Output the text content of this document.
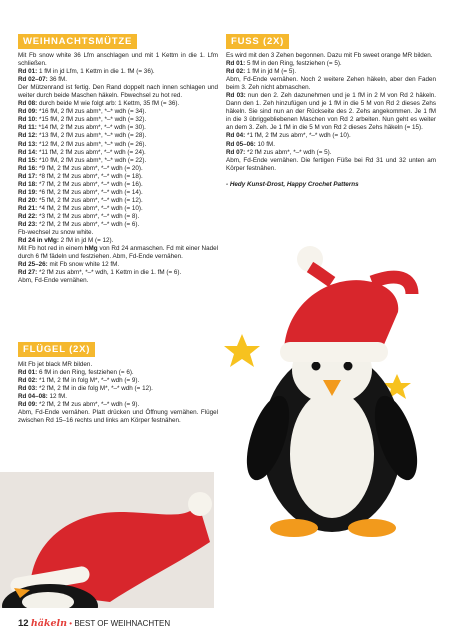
WEIHNACHTSMÜTZE

Mit Fb snow white 36 Lfm anschlagen und mit 1 Kettm in die 1. Lfm schließen.

Rd 01: 1 fM in jd Lfm, 1 Kettm in die 1. fM (= 36).

Rd 02–07: 36 fM.

Der Mützenrand ist fertig. Den Rand doppelt nach innen schlagen und weiter durch beide Maschen häkeln. Fbwechsel zu hot red.

Rd 08: durch beide M wie folgt arb: 1 Kettm, 35 fM (= 36).

Rd 09: *16 fM, 2 fM zus abm*, *–* wdh (= 34).

Rd 10: *15 fM, 2 fM zus abm*, *–* wdh (= 32).

Rd 11: *14 fM, 2 fM zus abm*, *–* wdh (= 30).

Rd 12: *13 fM, 2 fM zus abm*, *–* wdh (= 28).

Rd 13: *12 fM, 2 fM zus abm*, *–* wdh (= 26).

Rd 14: *11 fM, 2 fM zus abm*, *–* wdh (= 24).

Rd 15: *10 fM, 2 fM zus abm*, *–* wdh (= 22).

Rd 16: *9 fM, 2 fM zus abm*, *–* wdh (= 20).

Rd 17: *8 fM, 2 fM zus abm*, *–* wdh (= 18).

Rd 18: *7 fM, 2 fM zus abm*, *–* wdh (= 16).

Rd 19: *6 fM, 2 fM zus abm*, *–* wdh (= 14).

Rd 20: *5 fM, 2 fM zus abm*, *–* wdh (= 12).

Rd 21: *4 fM, 2 fM zus abm*, *–* wdh (= 10).

Rd 22: *3 fM, 2 fM zus abm*, *–* wdh (= 8).

Rd 23: *2 fM, 2 fM zus abm*, *–* wdh (= 6).

Fb-wechsel zu snow white.

Rd 24 in vMg: 2 fM in jd M (= 12).

Mit Fb hot red in einem hMg von Rd 24 anmaschen. Fd mit einer Nadel durch 6 fM fädeln und festziehen. Abm, Fd-Ende vernähen.

Rd 25–26: mit Fb snow white 12 fM.

Rd 27: *2 fM zus abm*, *–* wdh, 1 Kettm in die 1. fM (= 6).

Abm, Fd-Ende vernähen.

FLÜGEL (2X)

Mit Fb jet black MR bilden.

Rd 01: 6 fM in den Ring, festziehen (= 6).

Rd 02: *1 fM, 2 fM in folg M*, *–* wdh (= 9).

Rd 03: *2 fM, 2 fM in die folg M*, *–* wdh (= 12).

Rd 04–08: 12 fM.

Rd 09: *2 fM, 2 fM zus abm*, *–* wdh (= 9).

Abm, Fd-Ende vernähen. Platt drücken und Öffnung vernähen. Flügel zwischen Rd 15–16 rechts und links am Körper festnähen.

FUSS (2X)

Es wird mit den 3 Zehen begonnen. Dazu mit Fb sweet orange MR bilden.

Rd 01: 5 fM in den Ring, festziehen (= 5).

Rd 02: 1 fM in jd M (= 5).

Abm, Fd-Ende vernähen. Noch 2 weitere Zehen häkeln, aber den Faden beim 3. Zeh nicht abmaschen.

Rd 03: nun den 2. Zeh dazunehmen und je 1 fM in 2 M von Rd 2 häkeln. Dann den 1. Zeh hinzufügen und je 1 fM in die 5 M von Rd 2 dieses Zehs häkeln. Sie sind nun an der Rückseite des 2. Zehs angekommen. Je 1 fM in die 3 übriggebliebenen Maschen von Rd 2 arbeiten. Nun geht es weiter an dem 3. Zeh. Je 1 fM in die 5 M von Rd 2 dieses Zehs häkeln (= 15).

Rd 04: *1 fM, 2 fM zus abm*, *–* wdh (= 10).

Rd 05–06: 10 fM.

Rd 07: *2 fM zus abm*, *–* wdh (= 5).

Abm, Fd-Ende vernähen. Die fertigen Füße bei Rd 31 und 32 unten am Körper festnähen.

- Hedy Kunst-Drost, Happy Crochet Patterns

12 häkeln • BEST OF WEIHNACHTEN
